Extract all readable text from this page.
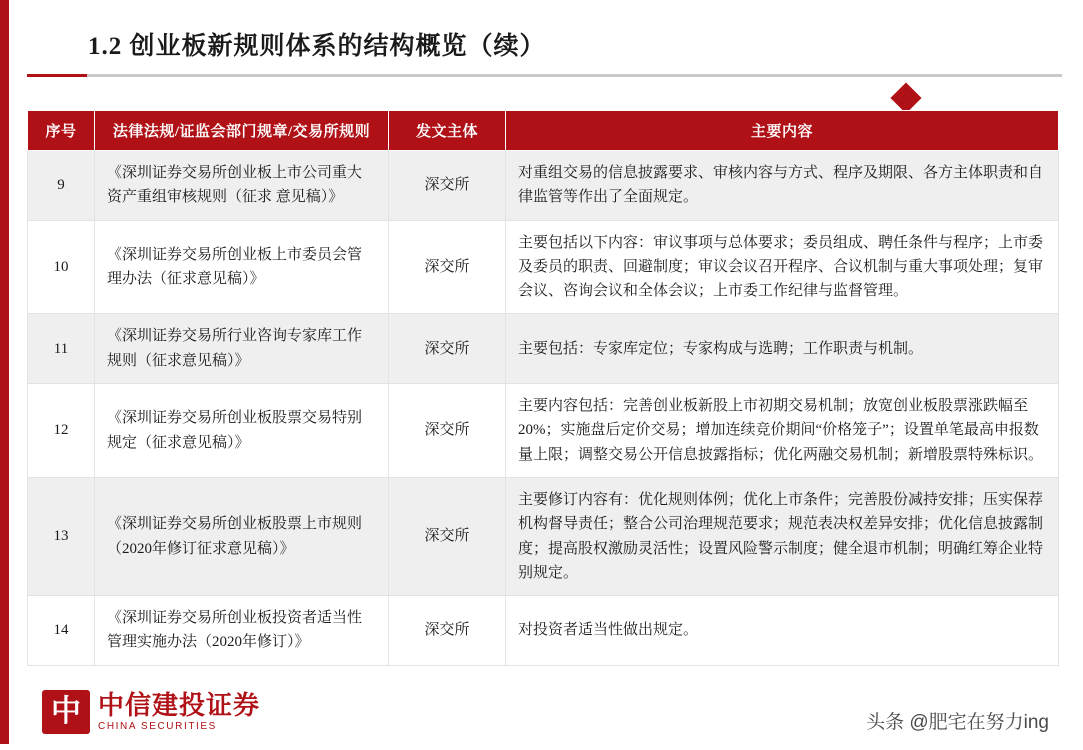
1.2 创业板新规则体系的结构概览（续）
序号	法律法规/证监会部门规章/交易所规则	发文主体	主要内容
9	《深圳证券交易所创业板上市公司重大资产重组审核规则（征求 意见稿）》	深交所	对重组交易的信息披露要求、审核内容与方式、程序及期限、各方主体职责和自律监管等作出了全面规定。
10	《深圳证券交易所创业板上市委员会管理办法（征求意见稿）》	深交所	主要包括以下内容：审议事项与总体要求；委员组成、聘任条件与程序；上市委及委员的职责、回避制度；审议会议召开程序、合议机制与重大事项处理；复审会议、咨询会议和全体会议；上市委工作纪律与监督管理。
11	《深圳证券交易所行业咨询专家库工作规则（征求意见稿）》	深交所	主要包括：专家库定位；专家构成与选聘；工作职责与机制。
12	《深圳证券交易所创业板股票交易特别规定（征求意见稿）》	深交所	主要内容包括：完善创业板新股上市初期交易机制；放宽创业板股票涨跌幅至20%；实施盘后定价交易；增加连续竞价期间“价格笼子”；设置单笔最高申报数量上限；调整交易公开信息披露指标；优化两融交易机制；新增股票特殊标识。
13	《深圳证券交易所创业板股票上市规则（2020年修订征求意见稿）》	深交所	主要修订内容有：优化规则体例；优化上市条件；完善股份减持安排；压实保荐机构督导责任；整合公司治理规范要求；规范表决权差异安排；优化信息披露制度；提高股权激励灵活性；设置风险警示制度；健全退市机制；明确红筹企业特别规定。
14	《深圳证券交易所创业板投资者适当性管理实施办法（2020年修订）》	深交所	对投资者适当性做出规定。
中 中信建投证券
CHINA SECURITIES	头条 @肥宅在努力ing
